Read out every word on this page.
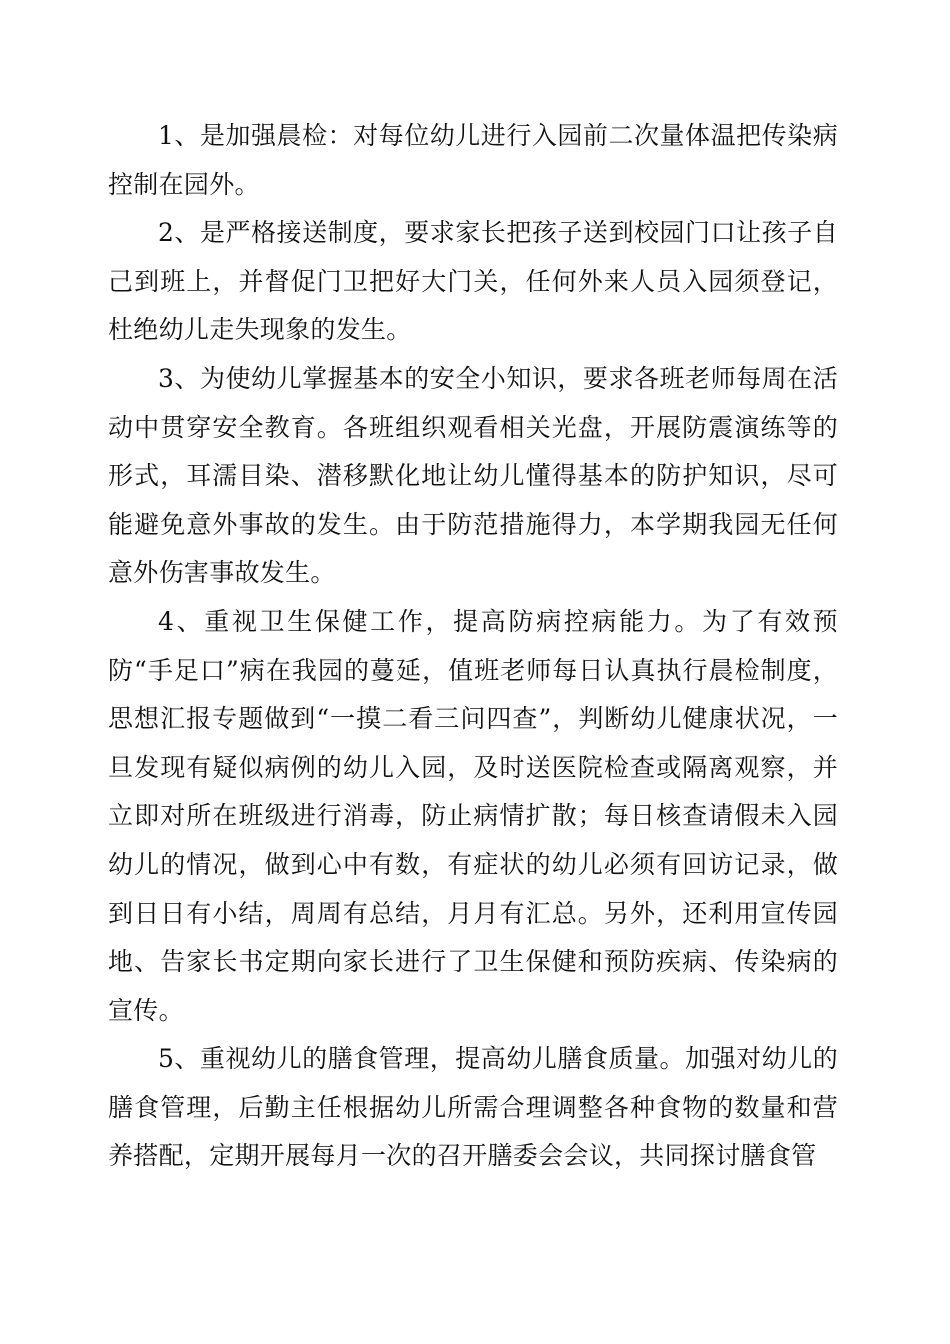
1、是加强晨检：对每位幼儿进行入园前二次量体温把传染病控制在园外。

2、是严格接送制度，要求家长把孩子送到校园门口让孩子自己到班上，并督促门卫把好大门关，任何外来人员入园须登记，杜绝幼儿走失现象的发生。

3、为使幼儿掌握基本的安全小知识，要求各班老师每周在活动中贯穿安全教育。各班组织观看相关光盘，开展防震演练等的形式，耳濡目染、潜移默化地让幼儿懂得基本的防护知识，尽可能避免意外事故的发生。由于防范措施得力，本学期我园无任何意外伤害事故发生。

4、重视卫生保健工作，提高防病控病能力。为了有效预防“手足口”病在我园的蔓延，值班老师每日认真执行晨检制度，思想汇报专题做到“一摸二看三问四查”，判断幼儿健康状况，一旦发现有疑似病例的幼儿入园，及时送医院检查或隔离观察，并立即对所在班级进行消毒，防止病情扩散；每日核查请假未入园幼儿的情况，做到心中有数，有症状的幼儿必须有回访记录，做到日日有小结，周周有总结，月月有汇总。另外，还利用宣传园地、告家长书定期向家长进行了卫生保健和预防疾病、传染病的宣传。

5、重视幼儿的膳食管理，提高幼儿膳食质量。加强对幼儿的膳食管理，后勤主任根据幼儿所需合理调整各种食物的数量和营养搭配，定期开展每月一次的召开膳委会会议，共同探讨膳食管
